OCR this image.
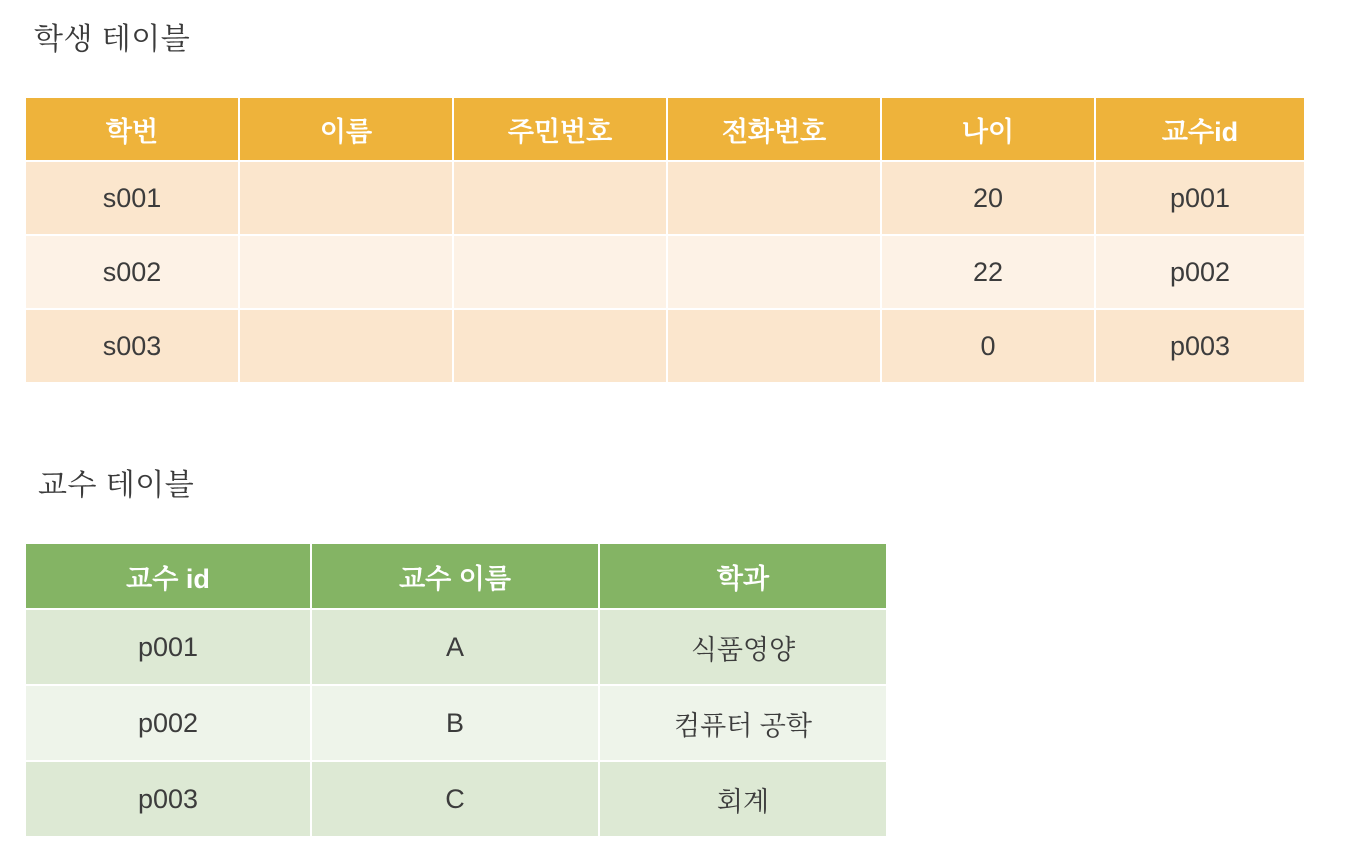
학생 테이블
학번	이름	주민번호	전화번호	나이	교수id
s001				20	p001
s002				22	p002
s003				0	p003
교수 테이블
교수 id	교수 이름	학과
p001	A	식품영양
p002	B	컴퓨터 공학
p003	C	회계
